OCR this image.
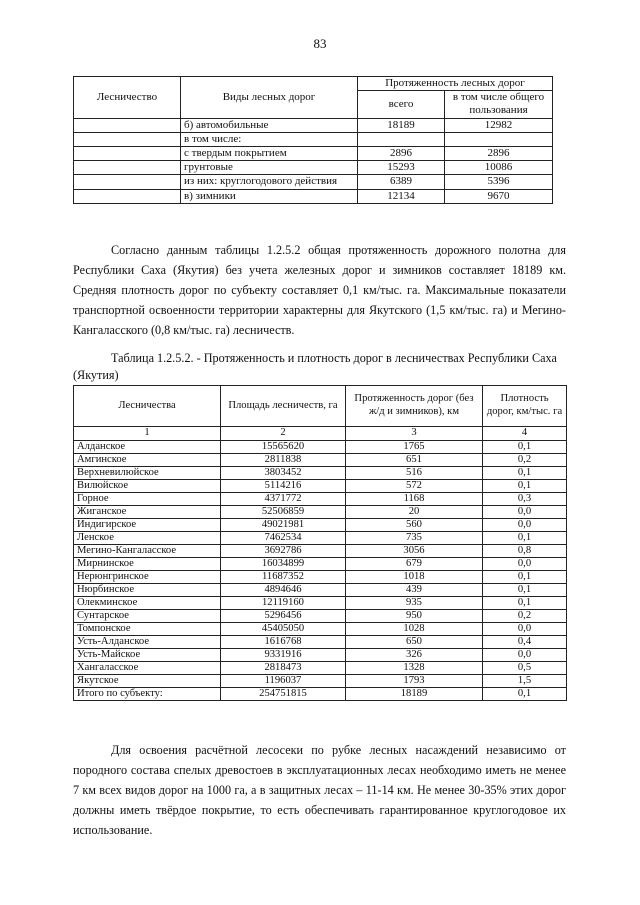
83
Лесничество	Виды лесных дорог	Протяженность лесных дорог	
		всего	в том числе общего пользования
	б) автомобильные	18189	12982
	в том числе:		
	с твердым покрытием	2896	2896
	грунтовые	15293	10086
	из них: круглогодового действия	6389	5396
	в) зимники	12134	9670
Согласно данным таблицы 1.2.5.2 общая протяженность дорожного полотна для Республики Саха (Якутия) без учета железных дорог и зимников составляет 18189 км. Средняя плотность дорог по субъекту составляет 0,1 км/тыс. га. Максимальные показатели транспортной освоенности территории характерны для Якутского (1,5 км/тыс. га) и Мегино-Кангаласского (0,8 км/тыс. га) лесничеств.
Таблица 1.2.5.2. - Протяженность и плотность дорог в лесничествах Республики Саха (Якутия)
Лесничества	Площадь лесничеств, га	Протяженность дорог (без ж/д и зимников), км	Плотность дорог, км/тыс. га
1	2	3	4
Алданское	15565620	1765	0,1
Амгинское	2811838	651	0,2
Верхневилюйское	3803452	516	0,1
Вилюйское	5114216	572	0,1
Горное	4371772	1168	0,3
Жиганское	52506859	20	0,0
Индигирское	49021981	560	0,0
Ленское	7462534	735	0,1
Мегино-Кангаласское	3692786	3056	0,8
Мирнинское	16034899	679	0,0
Нерюнгринское	11687352	1018	0,1
Нюрбинское	4894646	439	0,1
Олекминское	12119160	935	0,1
Сунтарское	5296456	950	0,2
Томпонское	45405050	1028	0,0
Усть-Алданское	1616768	650	0,4
Усть-Майское	9331916	326	0,0
Хангаласское	2818473	1328	0,5
Якутское	1196037	1793	1,5
Итого по субъекту:	254751815	18189	0,1
Для освоения расчётной лесосеки по рубке лесных насаждений независимо от породного состава спелых древостоев в эксплуатационных лесах необходимо иметь не менее 7 км всех видов дорог на 1000 га, а в защитных лесах – 11-14 км. Не менее 30-35% этих дорог должны иметь твёрдое покрытие, то есть обеспечивать гарантированное круглогодовое их использование.
